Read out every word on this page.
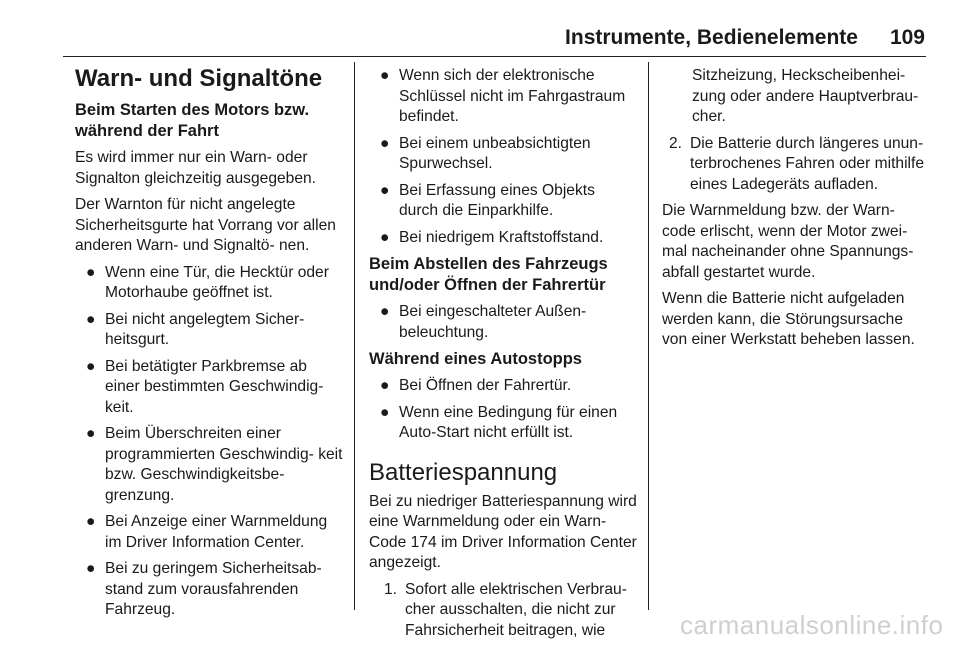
Instrumente, Bedienelemente 109
Warn- und Signaltöne
Beim Starten des Motors bzw. während der Fahrt

Es wird immer nur ein Warn- oder Signalton gleichzeitig ausgegeben.

Der Warnton für nicht angelegte Sicherheitsgurte hat Vorrang vor allen anderen Warn- und Signaltö- nen.

● Wenn eine Tür, die Hecktür oder Motorhaube geöffnet ist.
● Bei nicht angelegtem Sicher- heitsgurt.
● Bei betätigter Parkbremse ab einer bestimmten Geschwindig- keit.
● Beim Überschreiten einer programmierten Geschwindig- keit bzw. Geschwindigkeitsbe- grenzung.
● Bei Anzeige einer Warnmeldung im Driver Information Center.
● Bei zu geringem Sicherheitsab- stand zum vorausfahrenden Fahrzeug.
● Wenn sich der elektronische Schlüssel nicht im Fahrgastraum befindet.
● Bei einem unbeabsichtigten Spurwechsel.
● Bei Erfassung eines Objekts durch die Einparkhilfe.
● Bei niedrigem Kraftstoffstand.
Beim Abstellen des Fahrzeugs und/oder Öffnen der Fahrertür
● Bei eingeschalteter Außen- beleuchtung.
Während eines Autostopps
● Bei Öffnen der Fahrertür.
● Wenn eine Bedingung für einen Auto-Start nicht erfüllt ist.
Batteriespannung

Bei zu niedriger Batteriespannung wird eine Warnmeldung oder ein Warn-Code 174 im Driver Information Center angezeigt.

1. Sofort alle elektrischen Verbrau- cher ausschalten, die nicht zur Fahrsicherheit beitragen, wie
Sitzheizung, Heckscheibenhei- zung oder andere Hauptverbrau- cher.
2. Die Batterie durch längeres unun- terbrochenes Fahren oder mithilfe eines Ladegeräts aufladen.

Die Warnmeldung bzw. der Warn- code erlischt, wenn der Motor zwei- mal nacheinander ohne Spannungs- abfall gestartet wurde.

Wenn die Batterie nicht aufgeladen werden kann, die Störungsursache von einer Werkstatt beheben lassen.

carmanualsonline.info
